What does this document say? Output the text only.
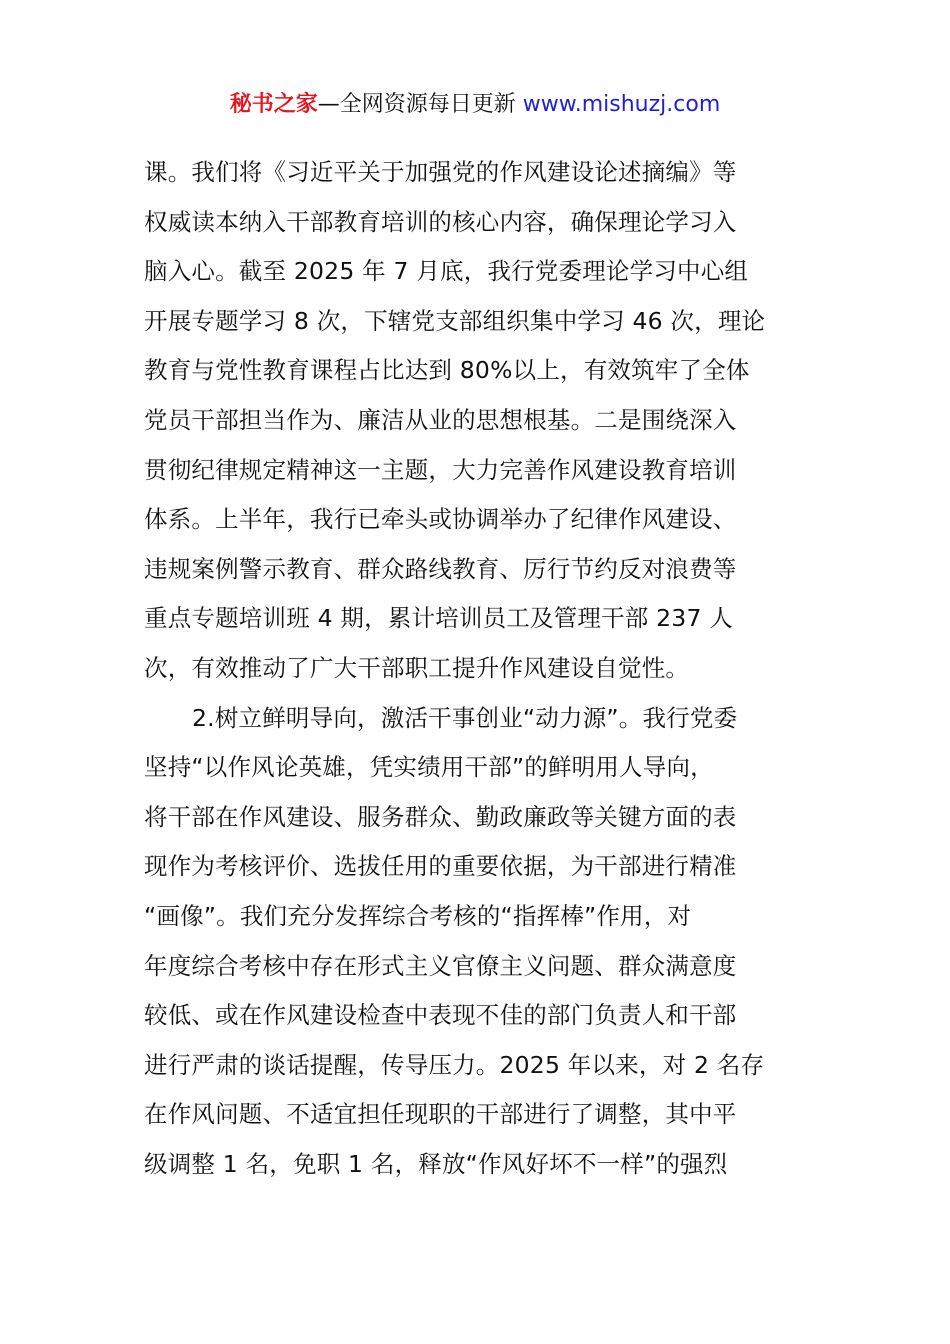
秘书之家—全网资源每日更新 www.mishuzj.com
课。我们将《习近平关于加强党的作风建设论述摘编》等
权威读本纳入干部教育培训的核心内容，确保理论学习入
脑入心。截至 2025 年 7 月底，我行党委理论学习中心组
开展专题学习 8 次，下辖党支部组织集中学习 46 次，理论
教育与党性教育课程占比达到 80%以上，有效筑牢了全体
党员干部担当作为、廉洁从业的思想根基。二是围绕深入
贯彻纪律规定精神这一主题，大力完善作风建设教育培训
体系。上半年，我行已牵头或协调举办了纪律作风建设、
违规案例警示教育、群众路线教育、厉行节约反对浪费等
重点专题培训班 4 期，累计培训员工及管理干部 237 人
次，有效推动了广大干部职工提升作风建设自觉性。
2.树立鲜明导向，激活干事创业“动力源”。我行党委
坚持“以作风论英雄，凭实绩用干部”的鲜明用人导向，
将干部在作风建设、服务群众、勤政廉政等关键方面的表
现作为考核评价、选拔任用的重要依据，为干部进行精准
“画像”。我们充分发挥综合考核的“指挥棒”作用，对
年度综合考核中存在形式主义官僚主义问题、群众满意度
较低、或在作风建设检查中表现不佳的部门负责人和干部
进行严肃的谈话提醒，传导压力。2025 年以来，对 2 名存
在作风问题、不适宜担任现职的干部进行了调整，其中平
级调整 1 名，免职 1 名，释放“作风好坏不一样”的强烈
